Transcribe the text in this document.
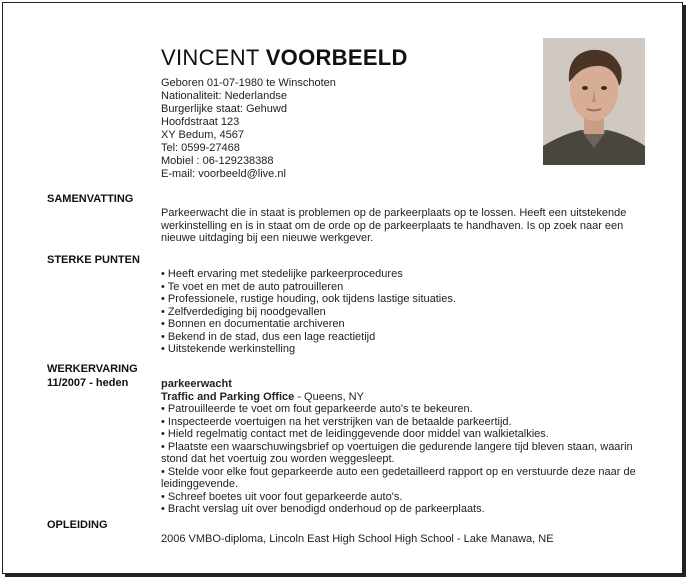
VINCENT VOORBEELD
Geboren 01-07-1980 te Winschoten
Nationaliteit: Nederlandse
Burgerlijke staat: Gehuwd
Hoofdstraat 123
XY Bedum, 4567
Tel: 0599-27468
Mobiel : 06-129238388
E-mail: voorbeeld@live.nl
SAMENVATTING
Parkeerwacht die in staat is problemen op de parkeerplaats op te lossen. Heeft een uitstekende werkinstelling en is in staat om de orde op de parkeerplaats te handhaven. Is op zoek naar een nieuwe uitdaging bij een nieuwe werkgever.
STERKE PUNTEN
• Heeft ervaring met stedelijke parkeerprocedures
• Te voet en met de auto patrouilleren
• Professionele, rustige houding, ook tijdens lastige situaties.
• Zelfverdediging bij noodgevallen
• Bonnen en documentatie archiveren
• Bekend in de stad, dus een lage reactietijd
• Uitstekende werkinstelling
WERKERVARING
11/2007 - heden	parkeerwacht
Traffic and Parking Office - Queens, NY
• Patrouilleerde te voet om fout geparkeerde auto's te bekeuren.
• Inspecteerde voertuigen na het verstrijken van de betaalde parkeertijd.
• Hield regelmatig contact met de leidinggevende door middel van walkietalkies.
• Plaatste een waarschuwingsbrief op voertuigen die gedurende langere tijd bleven staan, waarin stond dat het voertuig zou worden weggesleept.
• Stelde voor elke fout geparkeerde auto een gedetailleerd rapport op en verstuurde deze naar de leidinggevende.
• Schreef boetes uit voor fout geparkeerde auto's.
• Bracht verslag uit over benodigd onderhoud op de parkeerplaats.
OPLEIDING
2006 VMBO-diploma, Lincoln East High School High School - Lake Manawa, NE
